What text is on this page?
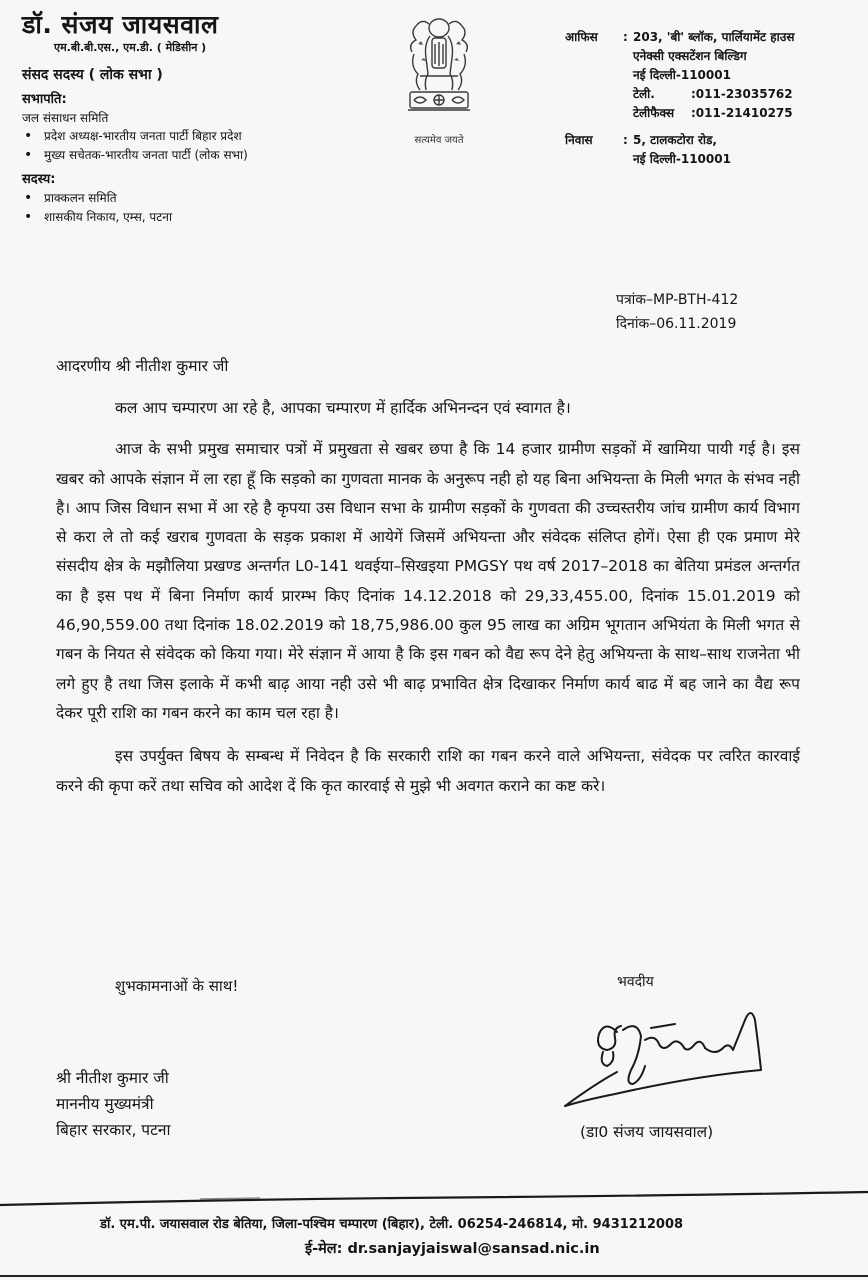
डॉ. संजय जायसवाल
एम.बी.बी.एस., एम.डी. ( मेडिसीन )
संसद सदस्य ( लोक सभा )
सभापति:
जल संसाधन समिति
• प्रदेश अध्यक्ष-भारतीय जनता पार्टी बिहार प्रदेश
• मुख्य सचेतक-भारतीय जनता पार्टी (लोक सभा)
सदस्य:
• प्राक्कलन समिति
• शासकीय निकाय, एम्स, पटना
सत्यमेव जयते
आफिस	: 203, 'बी' ब्लॉक, पार्लियामेंट हाउस
एनेक्सी एक्सटेंशन बिल्डिग
नई दिल्ली-110001
टेली.	:011-23035762
टेलीफैक्स	:011-21410275
निवास	: 5, टालकटोरा रोड,
नई दिल्ली-110001
पत्रांक–MP-BTH-412
दिनांक–06.11.2019
आदरणीय श्री नीतीश कुमार जी

कल आप चम्पारण आ रहे है, आपका चम्पारण में हार्दिक अभिनन्दन एवं स्वागत है।

आज के सभी प्रमुख समाचार पत्रों में प्रमुखता से खबर छपा है कि 14 हजार ग्रामीण सड़कों में खामिया पायी गई है। इस खबर को आपके संज्ञान में ला रहा हूँ कि सड़को का गुणवता मानक के अनुरूप नही हो यह बिना अभियन्ता के मिली भगत के संभव नही है। आप जिस विधान सभा में आ रहे है कृपया उस विधान सभा के ग्रामीण सड़कों के गुणवता की उच्चस्तरीय जांच ग्रामीण कार्य विभाग से करा ले तो कई खराब गुणवता के सड़क प्रकाश में आयेगें जिसमें अभियन्ता और संवेदक संलिप्त होगें। ऐसा ही एक प्रमाण मेरे संसदीय क्षेत्र के मझौलिया प्रखण्ड अन्तर्गत L0-141 थवईया–सिखइया PMGSY पथ वर्ष 2017–2018 का बेतिया प्रमंडल अन्तर्गत का है इस पथ में बिना निर्माण कार्य प्रारम्भ किए दिनांक 14.12.2018 को 29,33,455.00, दिनांक 15.01.2019 को 46,90,559.00 तथा दिनांक 18.02.2019 को 18,75,986.00 कुल 95 लाख का अग्रिम भूगतान अभियंता के मिली भगत से गबन के नियत से संवेदक को किया गया। मेरे संज्ञान में आया है कि इस गबन को वैद्य रूप देने हेतु अभियन्ता के साथ–साथ राजनेता भी लगे हुए है तथा जिस इलाके में कभी बाढ़ आया नही उसे भी बाढ़ प्रभावित क्षेत्र दिखाकर निर्माण कार्य बाढ में बह जाने का वैद्य रूप देकर पूरी राशि का गबन करने का काम चल रहा है।

इस उपर्युक्त बिषय के सम्बन्ध में निवेदन है कि सरकारी राशि का गबन करने वाले अभियन्ता, संवेदक पर त्वरित कारवाई करने की कृपा करें तथा सचिव को आदेश दें कि कृत कारवाई से मुझे भी अवगत कराने का कष्ट करे।

शुभकामनाओं के साथ!	भवदीय
(डा0 संजय जायसवाल)
श्री नीतीश कुमार जी
माननीय मुख्यमंत्री
बिहार सरकार, पटना
डॉ. एम.पी. जयासवाल रोड बेतिया, जिला-पश्चिम चम्पारण (बिहार), टेली. 06254-246814, मो. 9431212008
ई-मेल: dr.sanjayjaiswal@sansad.nic.in
